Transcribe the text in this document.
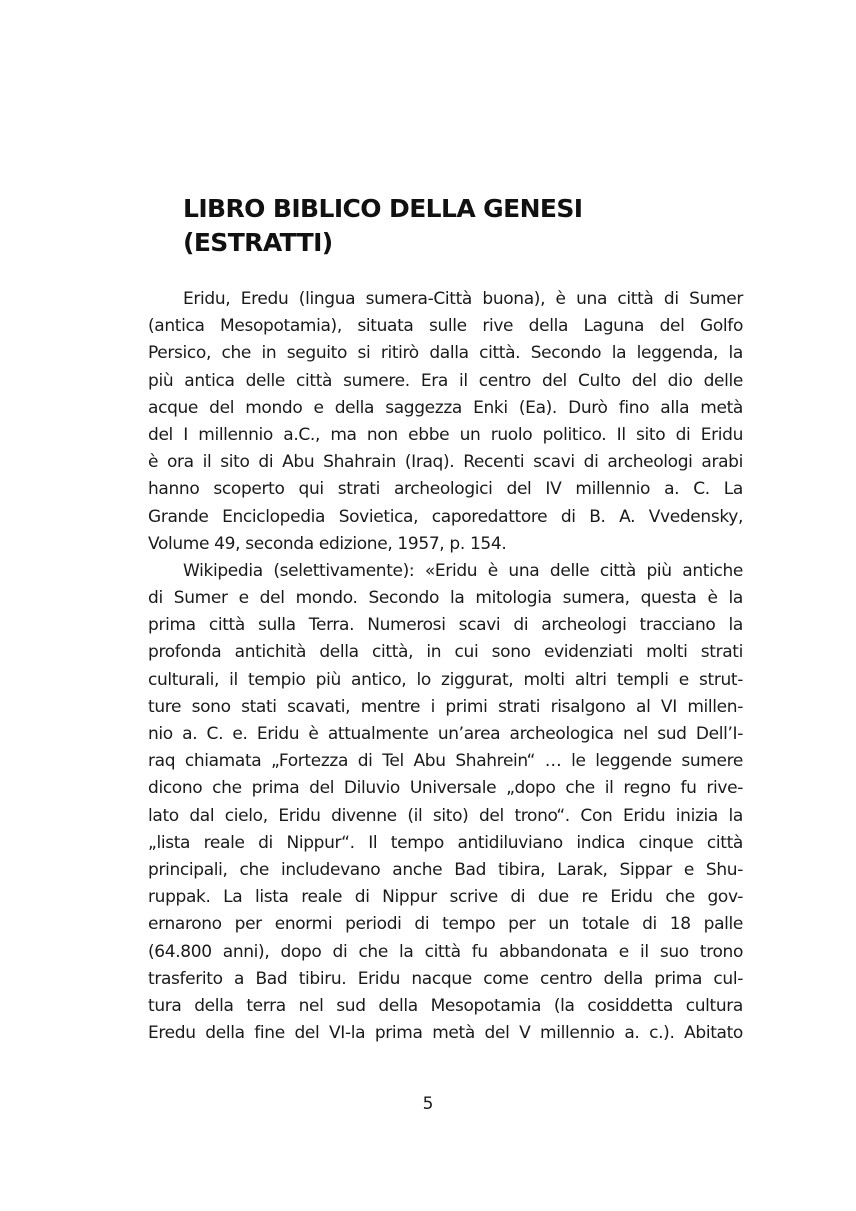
LIBRO BIBLICO DELLA GENESI
(ESTRATTI)
Eridu, Eredu (lingua sumera-Città buona), è una città di Sumer
(antica Mesopotamia), situata sulle rive della Laguna del Golfo
Persico, che in seguito si ritirò dalla città. Secondo la leggenda, la
più antica delle città sumere. Era il centro del Culto del dio delle
acque del mondo e della saggezza Enki (Ea). Durò fino alla metà
del I millennio a.C., ma non ebbe un ruolo politico. Il sito di Eridu
è ora il sito di Abu Shahrain (Iraq). Recenti scavi di archeologi arabi
hanno scoperto qui strati archeologici del IV millennio a. C. La
Grande Enciclopedia Sovietica, caporedattore di B. A. Vvedensky,
Volume 49, seconda edizione, 1957, p. 154.
Wikipedia (selettivamente): «Eridu è una delle città più antiche
di Sumer e del mondo. Secondo la mitologia sumera, questa è la
prima città sulla Terra. Numerosi scavi di archeologi tracciano la
profonda antichità della città, in cui sono evidenziati molti strati
culturali, il tempio più antico, lo ziggurat, molti altri templi e strut-
ture sono stati scavati, mentre i primi strati risalgono al VI millen-
nio a. C. e. Eridu è attualmente un’area archeologica nel sud Dell’I-
raq chiamata „Fortezza di Tel Abu Shahrein“ … le leggende sumere
dicono che prima del Diluvio Universale „dopo che il regno fu rive-
lato dal cielo, Eridu divenne (il sito) del trono“. Con Eridu inizia la
„lista reale di Nippur“. Il tempo antidiluviano indica cinque città
principali, che includevano anche Bad tibira, Larak, Sippar e Shu-
ruppak. La lista reale di Nippur scrive di due re Eridu che gov-
ernarono per enormi periodi di tempo per un totale di 18 palle
(64.800 anni), dopo di che la città fu abbandonata e il suo trono
trasferito a Bad tibiru. Eridu nacque come centro della prima cul-
tura della terra nel sud della Mesopotamia (la cosiddetta cultura
Eredu della fine del VI-la prima metà del V millennio a. c.). Abitato
5
